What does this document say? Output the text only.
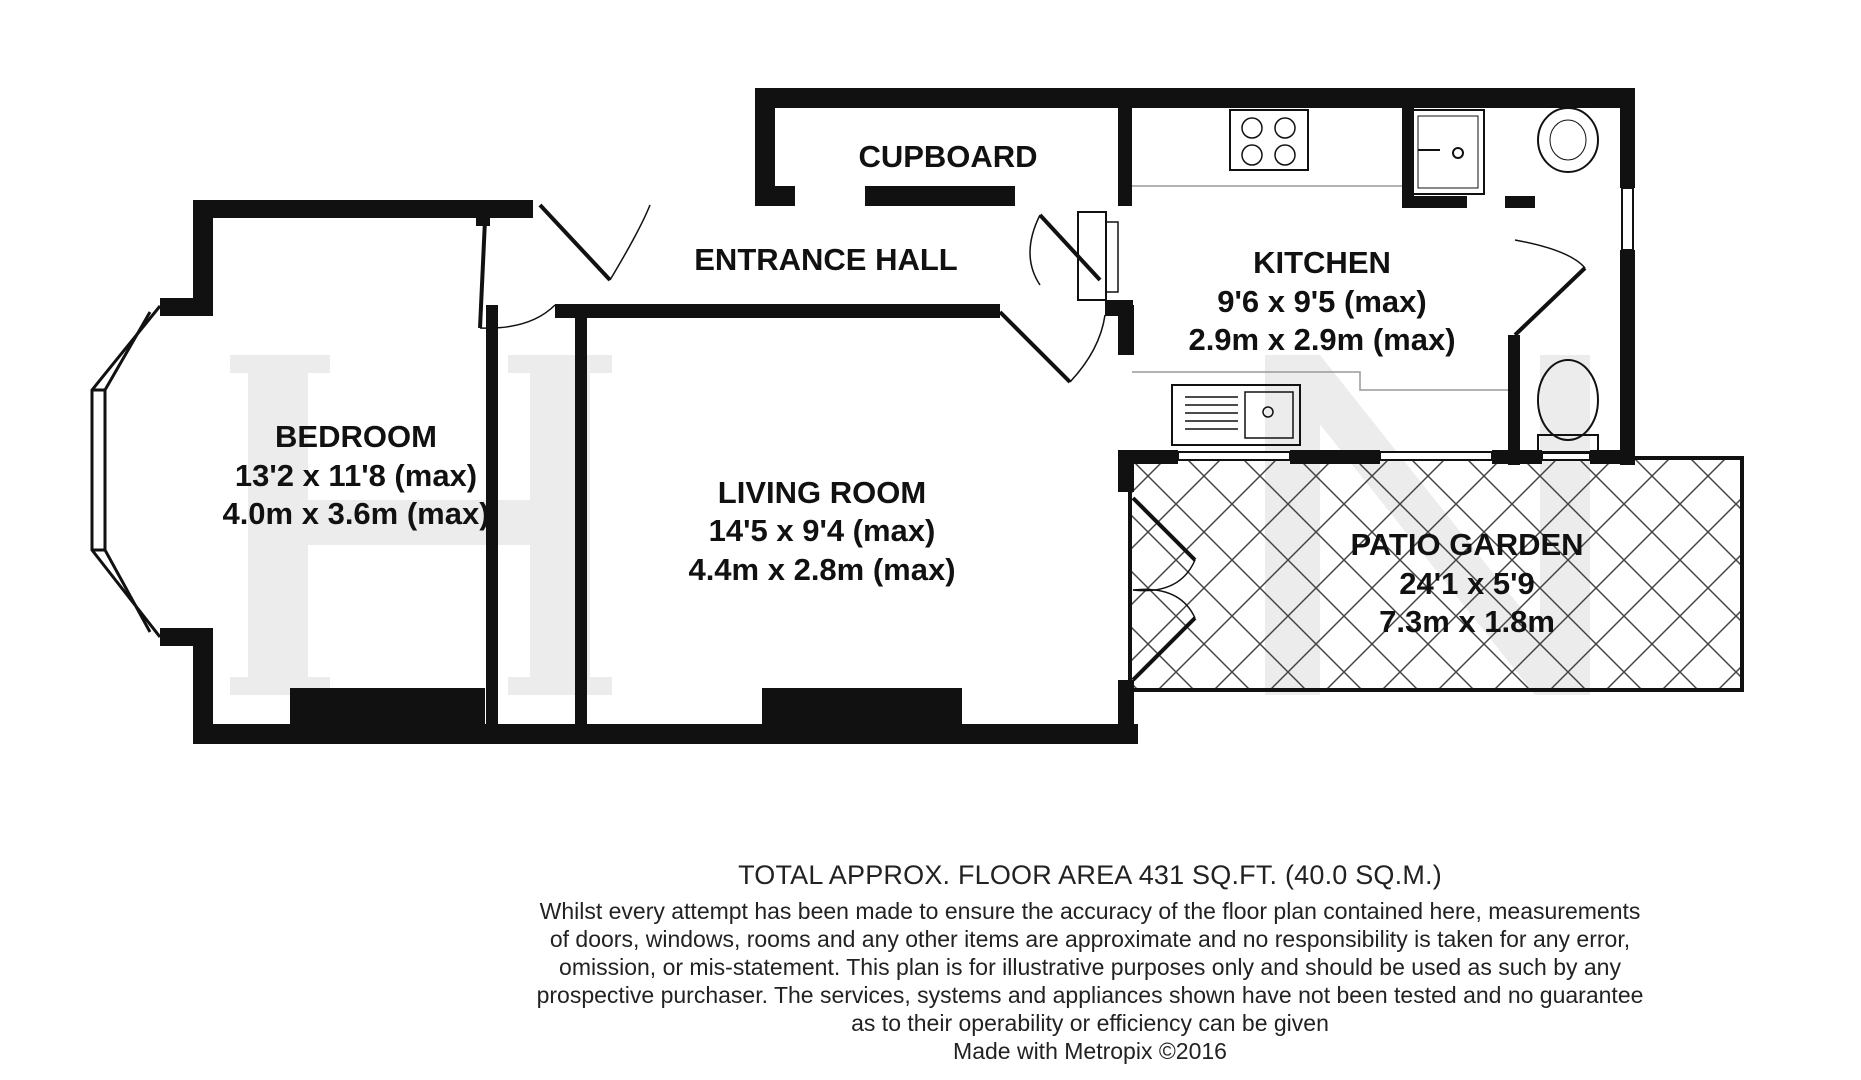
CUPBOARD
ENTRANCE HALL	KITCHEN
9'6 x 9'5 (max)
2.9m x 2.9m (max)
BEDROOM
13'2 x 11'8 (max)
4.0m x 3.6m (max)
LIVING ROOM
14'5 x 9'4 (max)
4.4m x 2.8m (max)
PATIO GARDEN
24'1 x 5'9
7.3m x 1.8m
TOTAL APPROX. FLOOR AREA 431 SQ.FT. (40.0 SQ.M.)
Whilst every attempt has been made to ensure the accuracy of the floor plan contained here, measurements
of doors, windows, rooms and any other items are approximate and no responsibility is taken for any error,
omission, or mis-statement. This plan is for illustrative purposes only and should be used as such by any
prospective purchaser. The services, systems and appliances shown have not been tested and no guarantee
as to their operability or efficiency can be given
Made with Metropix ©2016
